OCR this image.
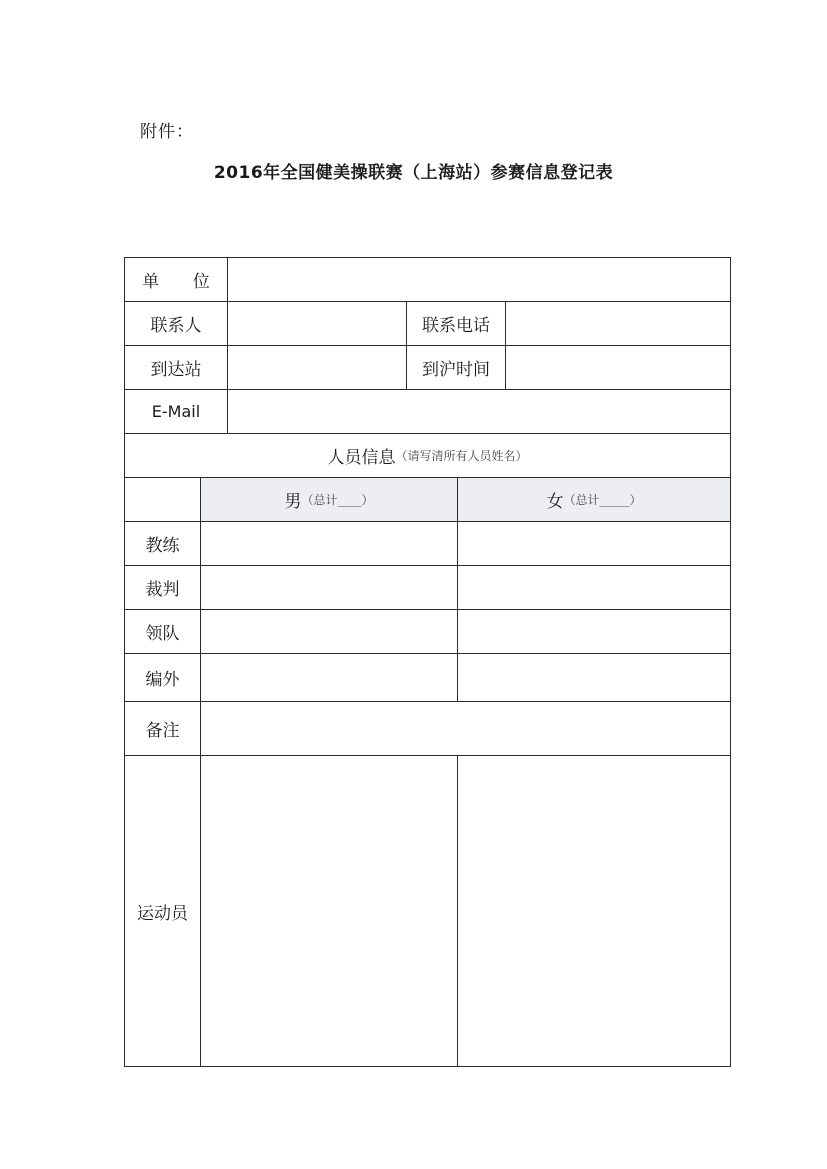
附件：
2016年全国健美操联赛（上海站）参赛信息登记表
单 位
联系人	联系电话
到达站	到沪时间
E-Mail
人员信息 （请写清所有人员姓名）
男 （总计____）	女 （总计_____）
教练
裁判
领队
编外
备注
运动员
